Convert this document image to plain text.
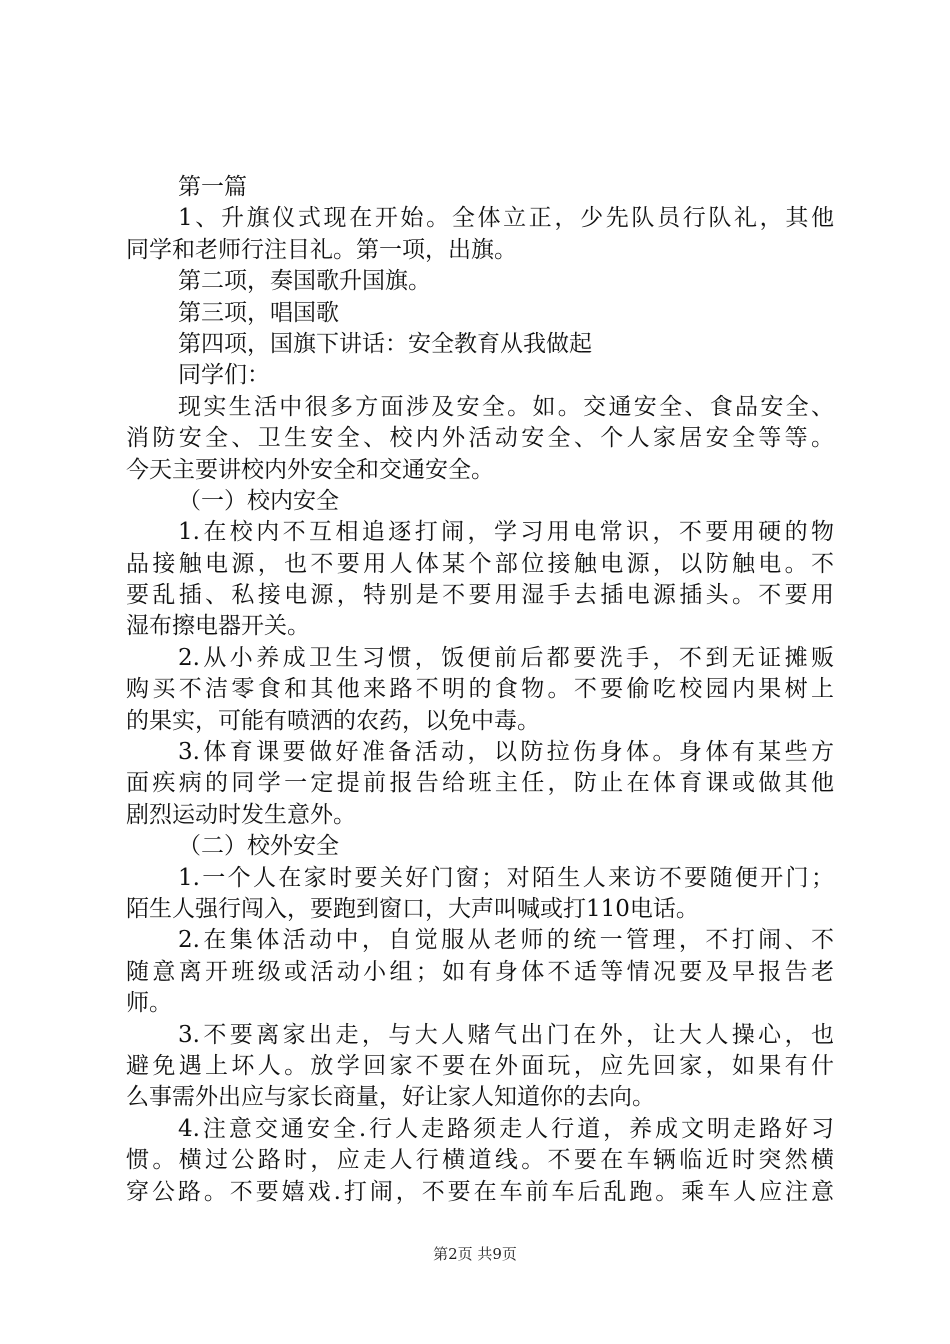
第一篇
1、升旗仪式现在开始。全体立正，少先队员行队礼，其他
同学和老师行注目礼。第一项，出旗。
第二项，奏国歌升国旗。
第三项，唱国歌
第四项，国旗下讲话：安全教育从我做起
同学们：
现实生活中很多方面涉及安全。如。交通安全、食品安全、
消防安全、卫生安全、校内外活动安全、个人家居安全等等。
今天主要讲校内外安全和交通安全。
（一）校内安全
1.在校内不互相追逐打闹，学习用电常识，不要用硬的物
品接触电源，也不要用人体某个部位接触电源，以防触电。不
要乱插、私接电源，特别是不要用湿手去插电源插头。不要用
湿布擦电器开关。
2.从小养成卫生习惯，饭便前后都要洗手，不到无证摊贩
购买不洁零食和其他来路不明的食物。不要偷吃校园内果树上
的果实，可能有喷洒的农药，以免中毒。
3.体育课要做好准备活动，以防拉伤身体。身体有某些方
面疾病的同学一定提前报告给班主任，防止在体育课或做其他
剧烈运动时发生意外。
（二）校外安全
1.一个人在家时要关好门窗；对陌生人来访不要随便开门；
陌生人强行闯入，要跑到窗口，大声叫喊或打110电话。
2.在集体活动中，自觉服从老师的统一管理，不打闹、不
随意离开班级或活动小组；如有身体不适等情况要及早报告老
师。
3.不要离家出走，与大人赌气出门在外，让大人操心，也
避免遇上坏人。放学回家不要在外面玩，应先回家，如果有什
么事需外出应与家长商量，好让家人知道你的去向。
4.注意交通安全.行人走路须走人行道，养成文明走路好习
惯。横过公路时，应走人行横道线。不要在车辆临近时突然横
穿公路。不要嬉戏.打闹，不要在车前车后乱跑。乘车人应注意
第2页 共9页
